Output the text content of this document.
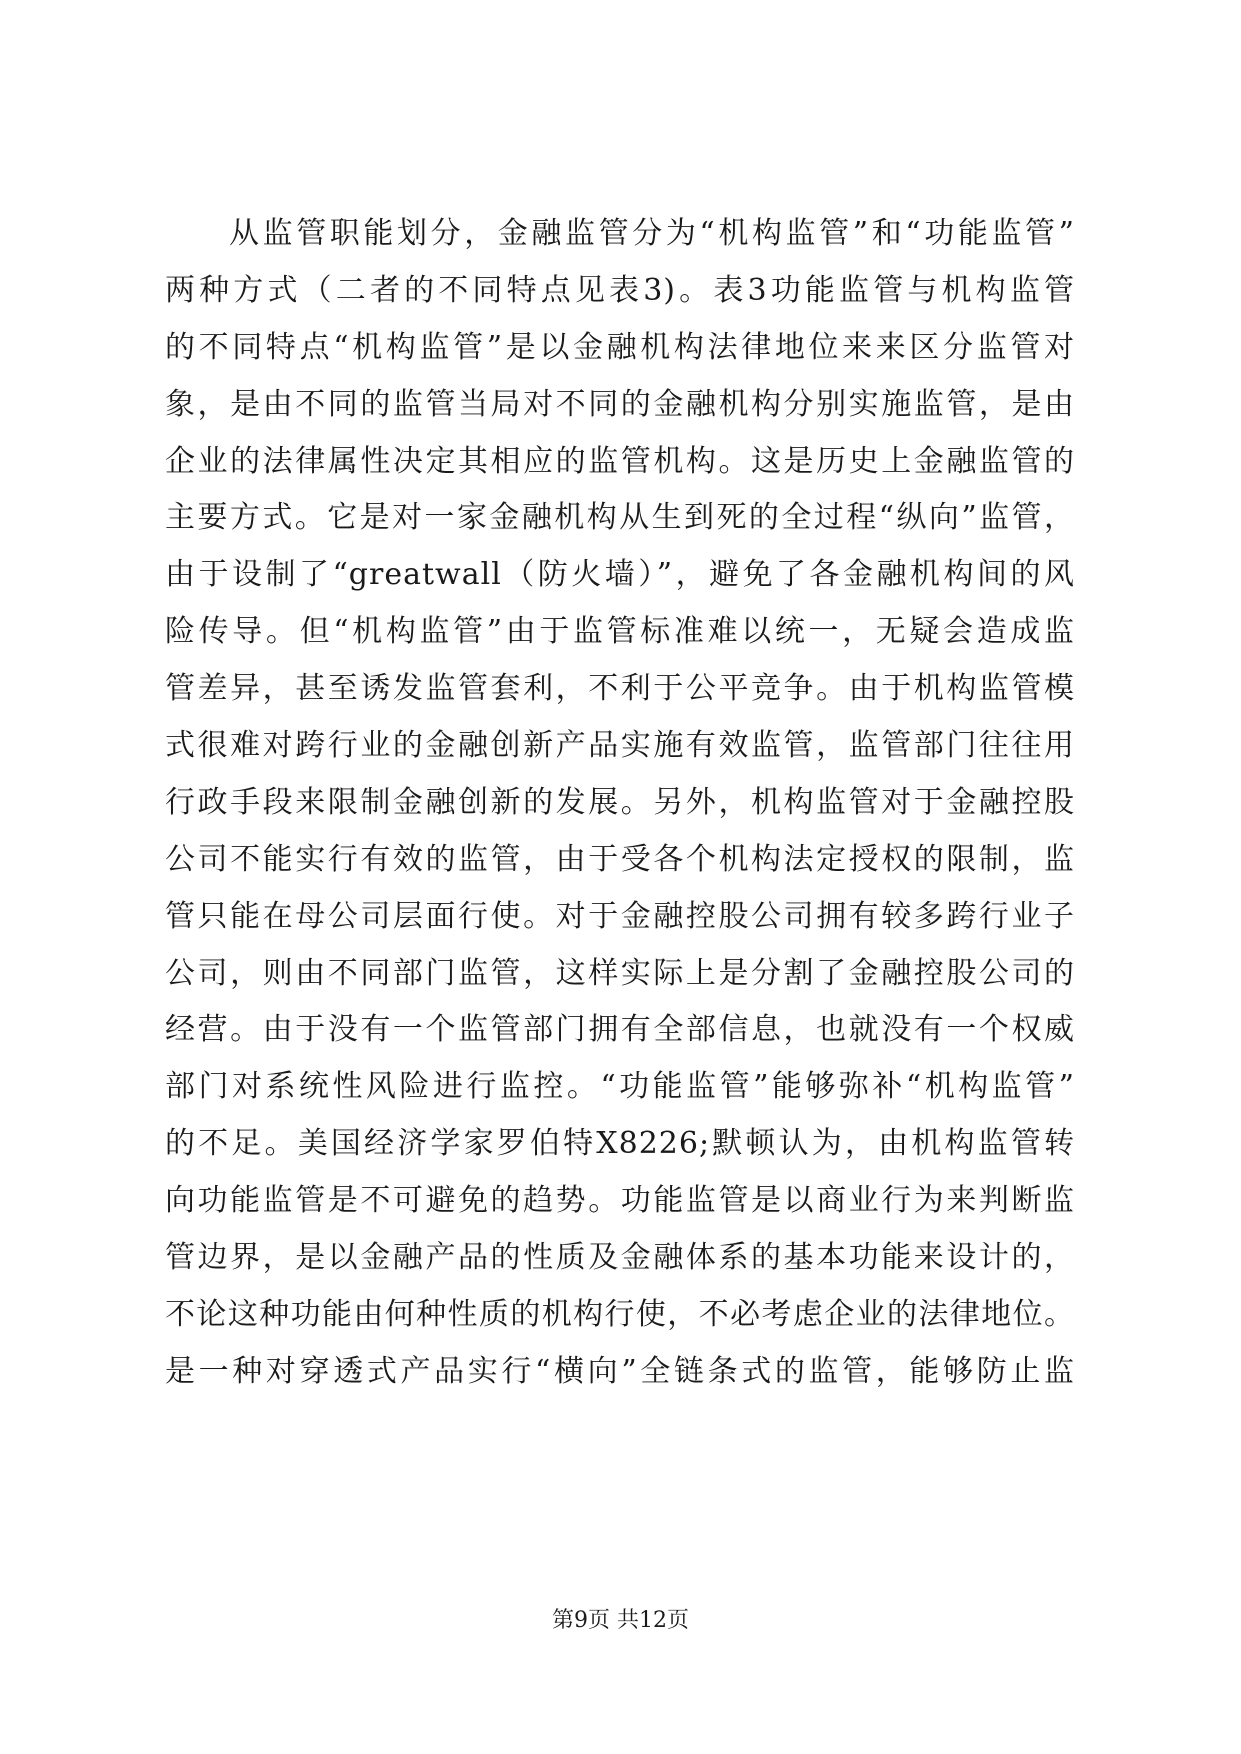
从监管职能划分，金融监管分为“机构监管”和“功能监管”
两种方式（二者的不同特点见表3)。表3功能监管与机构监管
的不同特点“机构监管”是以金融机构法律地位来来区分监管对
象，是由不同的监管当局对不同的金融机构分别实施监管，是由
企业的法律属性决定其相应的监管机构。这是历史上金融监管的
主要方式。它是对一家金融机构从生到死的全过程“纵向”监管，
由于设制了“greatwall（防火墙）”，避免了各金融机构间的风
险传导。但“机构监管”由于监管标准难以统一，无疑会造成监
管差异，甚至诱发监管套利，不利于公平竞争。由于机构监管模
式很难对跨行业的金融创新产品实施有效监管，监管部门往往用
行政手段来限制金融创新的发展。另外，机构监管对于金融控股
公司不能实行有效的监管，由于受各个机构法定授权的限制，监
管只能在母公司层面行使。对于金融控股公司拥有较多跨行业子
公司，则由不同部门监管，这样实际上是分割了金融控股公司的
经营。由于没有一个监管部门拥有全部信息，也就没有一个权威
部门对系统性风险进行监控。“功能监管”能够弥补“机构监管”
的不足。美国经济学家罗伯特X8226;默顿认为，由机构监管转
向功能监管是不可避免的趋势。功能监管是以商业行为来判断监
管边界，是以金融产品的性质及金融体系的基本功能来设计的，
不论这种功能由何种性质的机构行使，不必考虑企业的法律地位。
是一种对穿透式产品实行“横向”全链条式的监管，能够防止监
第9页 共12页
